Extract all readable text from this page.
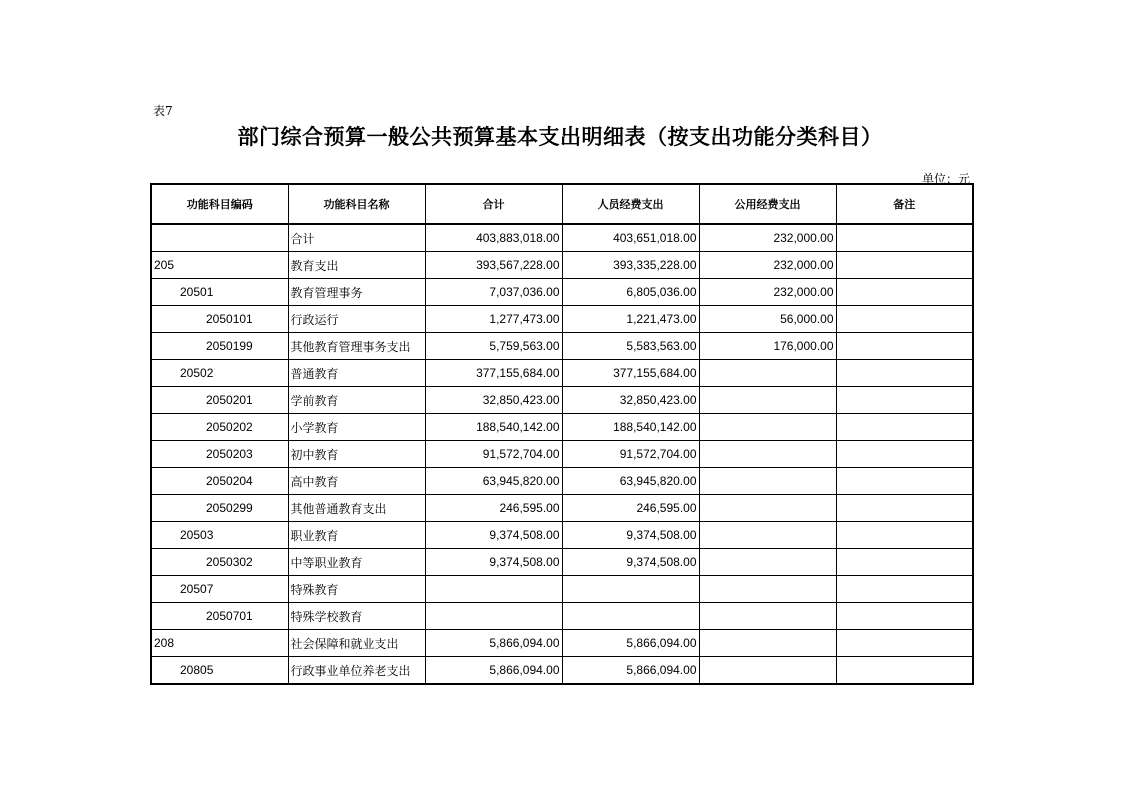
表7
部门综合预算一般公共预算基本支出明细表（按支出功能分类科目）
单位：元
功能科目编码	功能科目名称	合计	人员经费支出	公用经费支出	备注
	合计	403,883,018.00	403,651,018.00	232,000.00	
205	教育支出	393,567,228.00	393,335,228.00	232,000.00	
20501	教育管理事务	7,037,036.00	6,805,036.00	232,000.00	
2050101	行政运行	1,277,473.00	1,221,473.00	56,000.00	
2050199	其他教育管理事务支出	5,759,563.00	5,583,563.00	176,000.00	
20502	普通教育	377,155,684.00	377,155,684.00		
2050201	学前教育	32,850,423.00	32,850,423.00		
2050202	小学教育	188,540,142.00	188,540,142.00		
2050203	初中教育	91,572,704.00	91,572,704.00		
2050204	高中教育	63,945,820.00	63,945,820.00		
2050299	其他普通教育支出	246,595.00	246,595.00		
20503	职业教育	9,374,508.00	9,374,508.00		
2050302	中等职业教育	9,374,508.00	9,374,508.00		
20507	特殊教育				
2050701	特殊学校教育				
208	社会保障和就业支出	5,866,094.00	5,866,094.00		
20805	行政事业单位养老支出	5,866,094.00	5,866,094.00		
